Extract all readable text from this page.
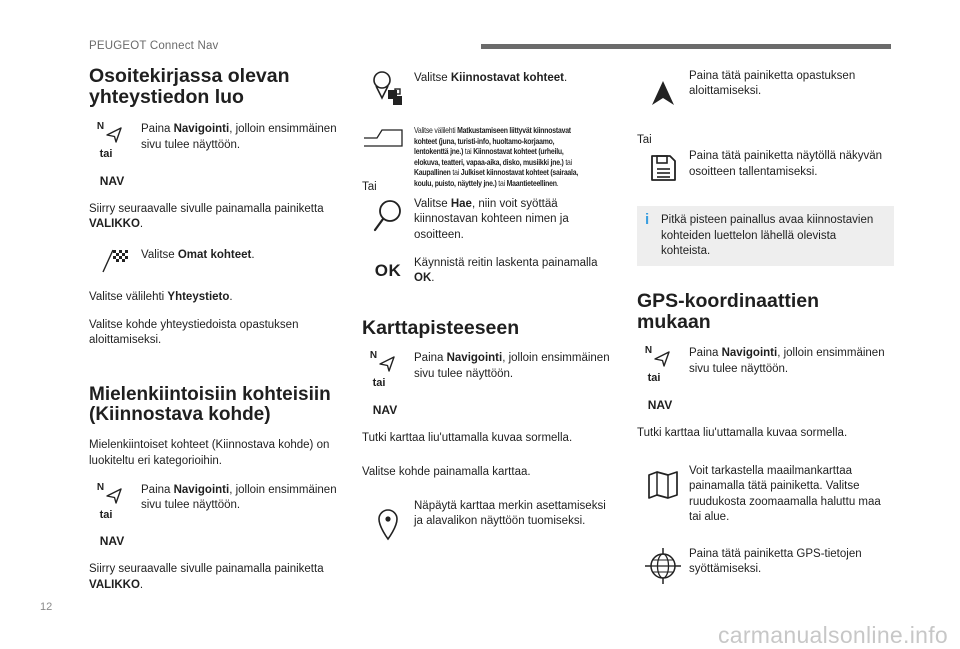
PEUGEOT Connect Nav
Osoitekirjassa olevan yhteystiedon luo
N
tai
NAV
Paina Navigointi, jolloin ensimmäinen sivu tulee näyttöön.

Siirry seuraavalle sivulle painamalla painiketta VALIKKO.

Valitse Omat kohteet.

Valitse välilehti Yhteystieto.

Valitse kohde yhteystiedoista opastuksen aloittamiseksi.

Mielenkiintoisiin kohteisiin (Kiinnostava kohde)

Mielenkiintoiset kohteet (Kiinnostava kohde) on luokiteltu eri kategorioihin.

N
tai
NAV
Paina Navigointi, jolloin ensimmäinen sivu tulee näyttöön.

Siirry seuraavalle sivulle painamalla painiketta VALIKKO.

Valitse Kiinnostavat kohteet.
Tai
Valitse välilehti Matkustamiseen liittyvät kiinnostavat kohteet (juna, turisti-info, huoltamo-korjaamo, lentokenttä jne.) tai Kiinnostavat kohteet (urheilu, elokuva, teatteri, vapaa-aika, disko, musiikki jne.) tai Kaupallinen tai Julkiset kiinnostavat kohteet (sairaala, koulu, puisto, näyttely jne.) tai Maantieteellinen.
Valitse Hae, niin voit syöttää kiinnostavan kohteen nimen ja osoitteen.
OK Käynnistä reitin laskenta painamalla OK.
Karttapisteeseen
N
tai
NAV
Paina Navigointi, jolloin ensimmäinen sivu tulee näyttöön.

Tutki karttaa liu'uttamalla kuvaa sormella.

Valitse kohde painamalla karttaa.

Näpäytä karttaa merkin asettamiseksi ja alavalikon näyttöön tuomiseksi.
Paina tätä painiketta opastuksen aloittamiseksi.

Tai

Paina tätä painiketta näytöllä näkyvän osoitteen tallentamiseksi.
i Pitkä pisteen painallus avaa kiinnostavien kohteiden luettelon lähellä olevista kohteista.
GPS-koordinaattien mukaan
N
tai
NAV
Paina Navigointi, jolloin ensimmäinen sivu tulee näyttöön.

Tutki karttaa liu'uttamalla kuvaa sormella.

Voit tarkastella maailmankarttaa painamalla tätä painiketta. Valitse ruudukosta zoomaamalla haluttu maa tai alue.
Paina tätä painiketta GPS-tietojen syöttämiseksi.
12
carmanualsonline.info
